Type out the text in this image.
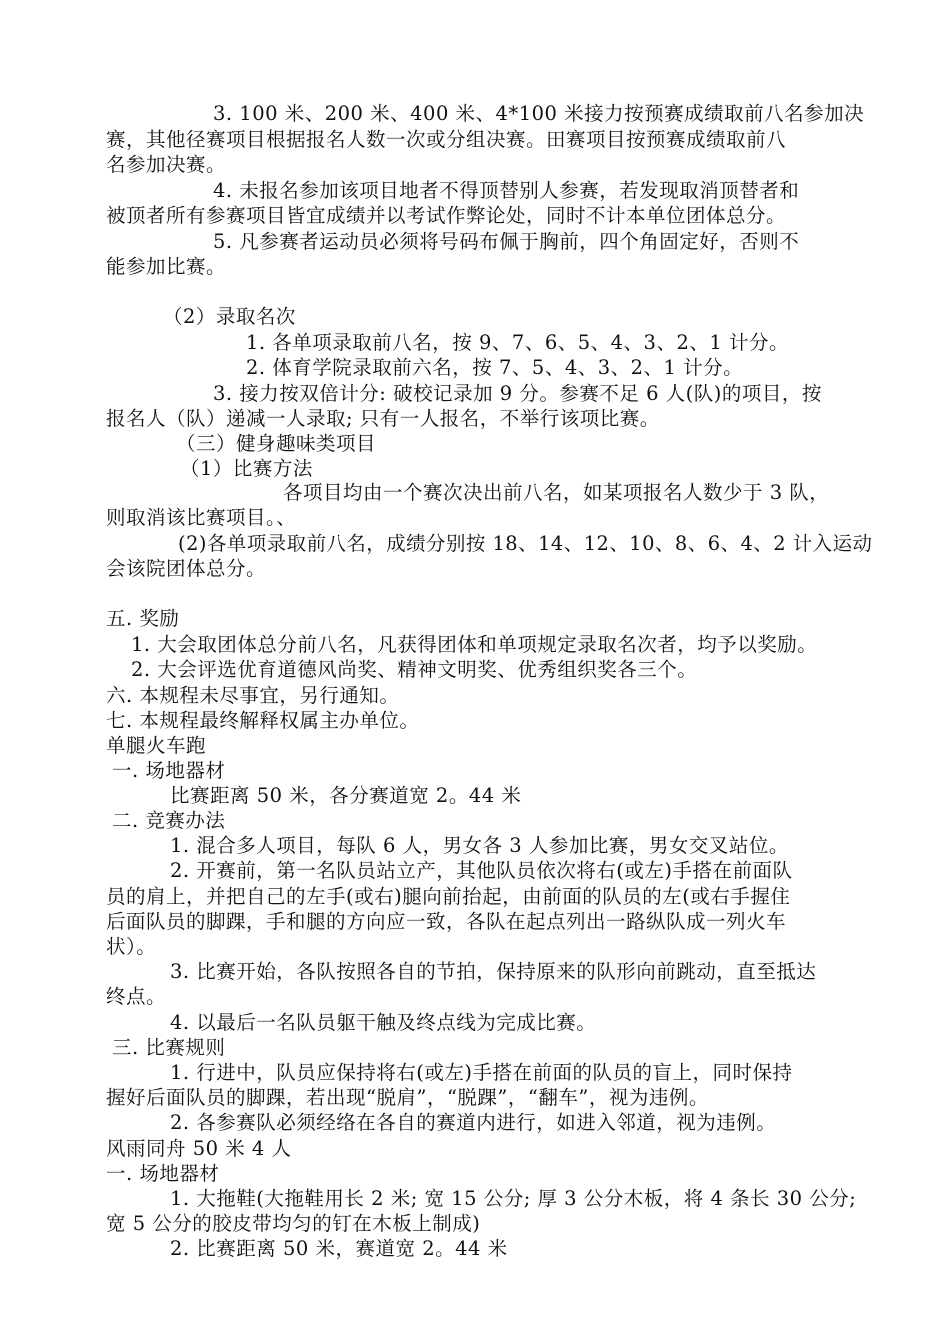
3. 100 米、200 米、400 米、4*100 米接力按预赛成绩取前八名参加决
赛，其他径赛项目根据报名人数一次或分组决赛。田赛项目按预赛成绩取前八
名参加决赛。
4. 未报名参加该项目地者不得顶替别人参赛，若发现取消顶替者和
被顶者所有参赛项目皆宜成绩并以考试作弊论处，同时不计本单位团体总分。
5. 凡参赛者运动员必须将号码布佩于胸前，四个角固定好，否则不
能参加比赛。
（2）录取名次
1. 各单项录取前八名，按 9、7、6、5、4、3、2、1 计分。
2. 体育学院录取前六名，按 7、5、4、3、2、1 计分。
3. 接力按双倍计分: 破校记录加 9 分。参赛不足 6 人(队)的项目，按
报名人（队）递减一人录取; 只有一人报名，不举行该项比赛。
（三）健身趣味类项目
（1）比赛方法
各项目均由一个赛次决出前八名，如某项报名人数少于 3 队，
则取消该比赛项目。、
(2)各单项录取前八名，成绩分别按 18、14、12、10、8、6、4、2 计入运动
会该院团体总分。
五. 奖励
1. 大会取团体总分前八名，凡获得团体和单项规定录取名次者，均予以奖励。
2. 大会评选优育道德风尚奖、精神文明奖、优秀组织奖各三个。
六. 本规程未尽事宜，另行通知。
七. 本规程最终解释权属主办单位。
单腿火车跑
一. 场地器材
比赛距离 50 米，各分赛道宽 2。44 米
二. 竞赛办法
1. 混合多人项目，每队 6 人，男女各 3 人参加比赛，男女交叉站位。
2. 开赛前，第一名队员站立产，其他队员依次将右(或左)手搭在前面队
员的肩上，并把自己的左手(或右)腿向前抬起，由前面的队员的左(或右手握住
后面队员的脚踝，手和腿的方向应一致，各队在起点列出一路纵队成一列火车
状）。
3. 比赛开始，各队按照各自的节拍，保持原来的队形向前跳动，直至抵达
终点。
4. 以最后一名队员躯干触及终点线为完成比赛。
三. 比赛规则
1. 行进中，队员应保持将右(或左)手搭在前面的队员的盲上，同时保持
握好后面队员的脚踝，若出现“脱肩”，“脱踝”，“翻车”，视为违例。
2. 各参赛队必须经络在各自的赛道内进行，如进入邻道，视为违例。
风雨同舟 50 米 4 人
一. 场地器材
1. 大拖鞋(大拖鞋用长 2 米; 宽 15 公分; 厚 3 公分木板，将 4 条长 30 公分;
宽 5 公分的胶皮带均匀的钉在木板上制成)
2. 比赛距离 50 米，赛道宽 2。44 米
